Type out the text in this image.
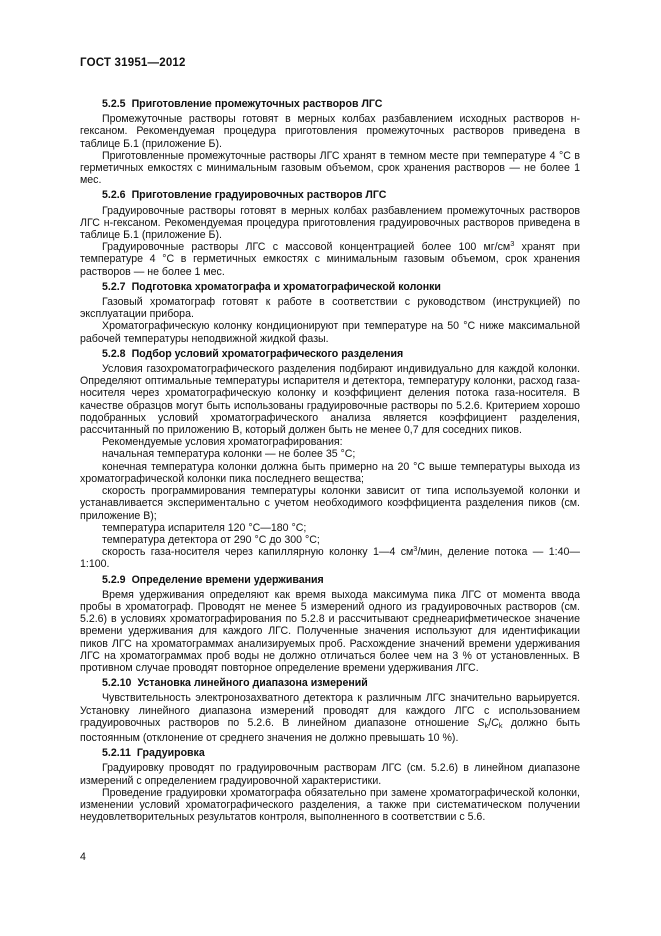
ГОСТ 31951—2012
5.2.5 Приготовление промежуточных растворов ЛГС

Промежуточные растворы готовят в мерных колбах разбавлением исходных растворов н-гексаном. Рекомендуемая процедура приготовления промежуточных растворов приведена в таблице Б.1 (приложение Б).

Приготовленные промежуточные растворы ЛГС хранят в темном месте при температуре 4 °С в герметичных емкостях с минимальным газовым объемом, срок хранения растворов — не более 1 мес.

5.2.6 Приготовление градуировочных растворов ЛГС

Градуировочные растворы готовят в мерных колбах разбавлением промежуточных растворов ЛГС н-гексаном. Рекомендуемая процедура приготовления градуировочных растворов приведена в таблице Б.1 (приложение Б).

Градуировочные растворы ЛГС с массовой концентрацией более 100 $мг/см^3$ хранят при температуре 4 °С в герметичных емкостях с минимальным газовым объемом, срок хранения растворов — не более 1 мес.

5.2.7 Подготовка хроматографа и хроматографической колонки

Газовый хроматограф готовят к работе в соответствии с руководством (инструкцией) по эксплуатации прибора.

Хроматографическую колонку кондиционируют при температуре на 50 °С ниже максимальной рабочей температуры неподвижной жидкой фазы.

5.2.8 Подбор условий хроматографического разделения

Условия газохроматографического разделения подбирают индивидуально для каждой колонки. Определяют оптимальные температуры испарителя и детектора, температуру колонки, расход газа-носителя через хроматографическую колонку и коэффициент деления потока газа-носителя. В качестве образцов могут быть использованы градуировочные растворы по 5.2.6. Критерием хорошо подобранных условий хроматографического анализа является коэффициент разделения, рассчитанный по приложению В, который должен быть не менее 0,7 для соседних пиков.

Рекомендуемые условия хроматографирования:

начальная температура колонки — не более 35 °С;

конечная температура колонки должна быть примерно на 20 °С выше температуры выхода из хроматографической колонки пика последнего вещества;

скорость программирования температуры колонки зависит от типа используемой колонки и устанавливается экспериментально с учетом необходимого коэффициента разделения пиков (см. приложение В);

температура испарителя 120 °С—180 °С;

температура детектора от 290 °С до 300 °С;

скорость газа-носителя через капиллярную колонку 1—4 $см^3$/мин, деление потока — 1:40—1:100.

5.2.9 Определение времени удерживания

Время удерживания определяют как время выхода максимума пика ЛГС от момента ввода пробы в хроматограф. Проводят не менее 5 измерений одного из градуировочных растворов (см. 5.2.6) в условиях хроматографирования по 5.2.8 и рассчитывают среднеарифметическое значение времени удерживания для каждого ЛГС. Полученные значения используют для идентификации пиков ЛГС на хроматограммах анализируемых проб. Расхождение значений времени удерживания ЛГС на хроматограммах проб воды не должно отличаться более чем на 3 % от установленных. В противном случае проводят повторное определение времени удерживания ЛГС.

5.2.10 Установка линейного диапазона измерений

Чувствительность электронозахватного детектора к различным ЛГС значительно варьируется. Установку линейного диапазона измерений проводят для каждого ЛГС с использованием градуировочных растворов по 5.2.6. В линейном диапазоне отношение $S_k/C_k$ должно быть постоянным (отклонение от среднего значения не должно превышать 10 %).

5.2.11 Градуировка

Градуировку проводят по градуировочным растворам ЛГС (см. 5.2.6) в линейном диапазоне измерений с определением градуировочной характеристики.

Проведение градуировки хроматографа обязательно при замене хроматографической колонки, изменении условий хроматографического разделения, а также при систематическом получении неудовлетворительных результатов контроля, выполненного в соответствии с 5.6.

4
